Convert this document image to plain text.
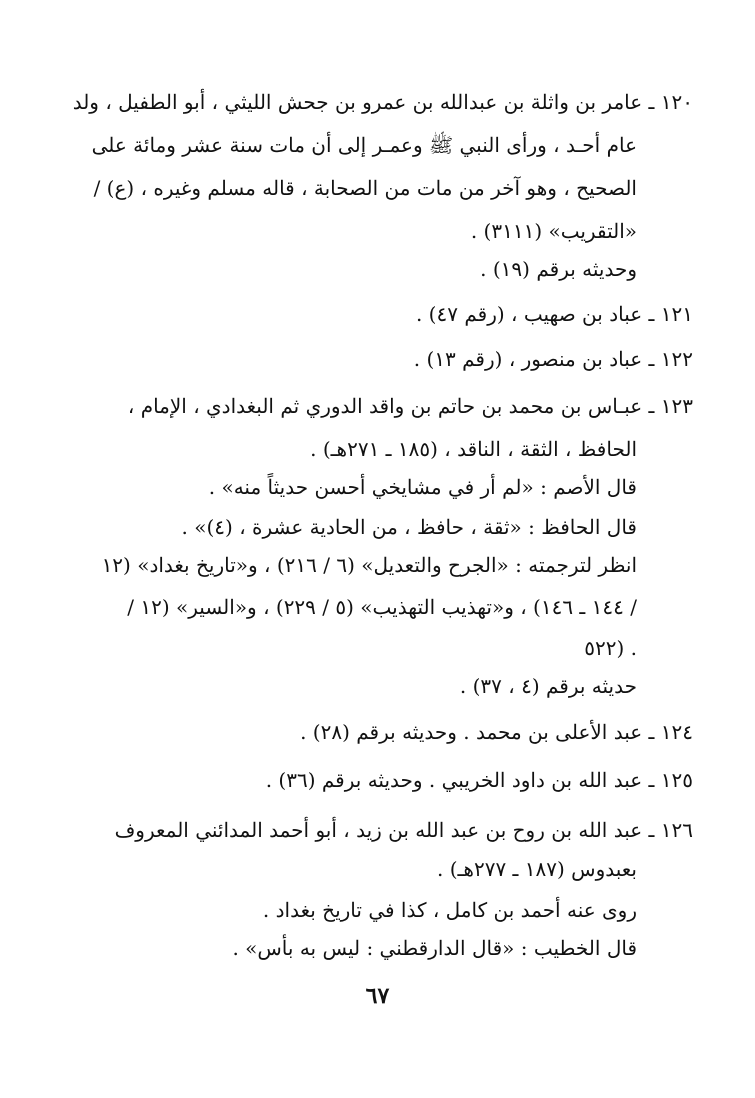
١٢٠ ـ عامر بن واثلة بن عبدالله بن عمرو بن جحش الليثي ، أبو الطفيل ، ولد
عام أحـد ، ورأى النبي ﷺ وعمـر إلى أن مات سنة عشر ومائة على
الصحيح ، وهو آخر من مات من الصحابة ، قاله مسلم وغيره ، (ع) /
«التقريب» (٣١١١) .
وحديثه برقم (١٩) .
١٢١ ـ عباد بن صهيب ، (رقم ٤٧) .
١٢٢ ـ عباد بن منصور ، (رقم ١٣) .
١٢٣ ـ عبـاس بن محمد بن حاتم بن واقد الدوري ثم البغدادي ، الإمام ،
الحافظ ، الثقة ، الناقد ، (١٨٥ ـ ٢٧١هـ) .
قال الأصم : «لم أر في مشايخي أحسن حديثاً منه» .
قال الحافظ : «ثقة ، حافظ ، من الحادية عشرة ، (٤)» .
انظر لترجمته : «الجرح والتعديل» (٦ / ٢١٦) ، و«تاريخ بغداد» (١٢
/ ١٤٤ ـ ١٤٦) ، و«تهذيب التهذيب» (٥ / ٢٢٩) ، و«السير» (١٢ /
٥٢٢) .
حديثه برقم (٤ ، ٣٧) .
١٢٤ ـ عبد الأعلى بن محمد . وحديثه برقم (٢٨) .
١٢٥ ـ عبد الله بن داود الخريبي . وحديثه برقم (٣٦) .
١٢٦ ـ عبد الله بن روح بن عبد الله بن زيد ، أبو أحمد المدائني المعروف
بعبدوس (١٨٧ ـ ٢٧٧هـ) .
روى عنه أحمد بن كامل ، كذا في تاريخ بغداد .
قال الخطيب : «قال الدارقطني : ليس به بأس» .
٦٧
